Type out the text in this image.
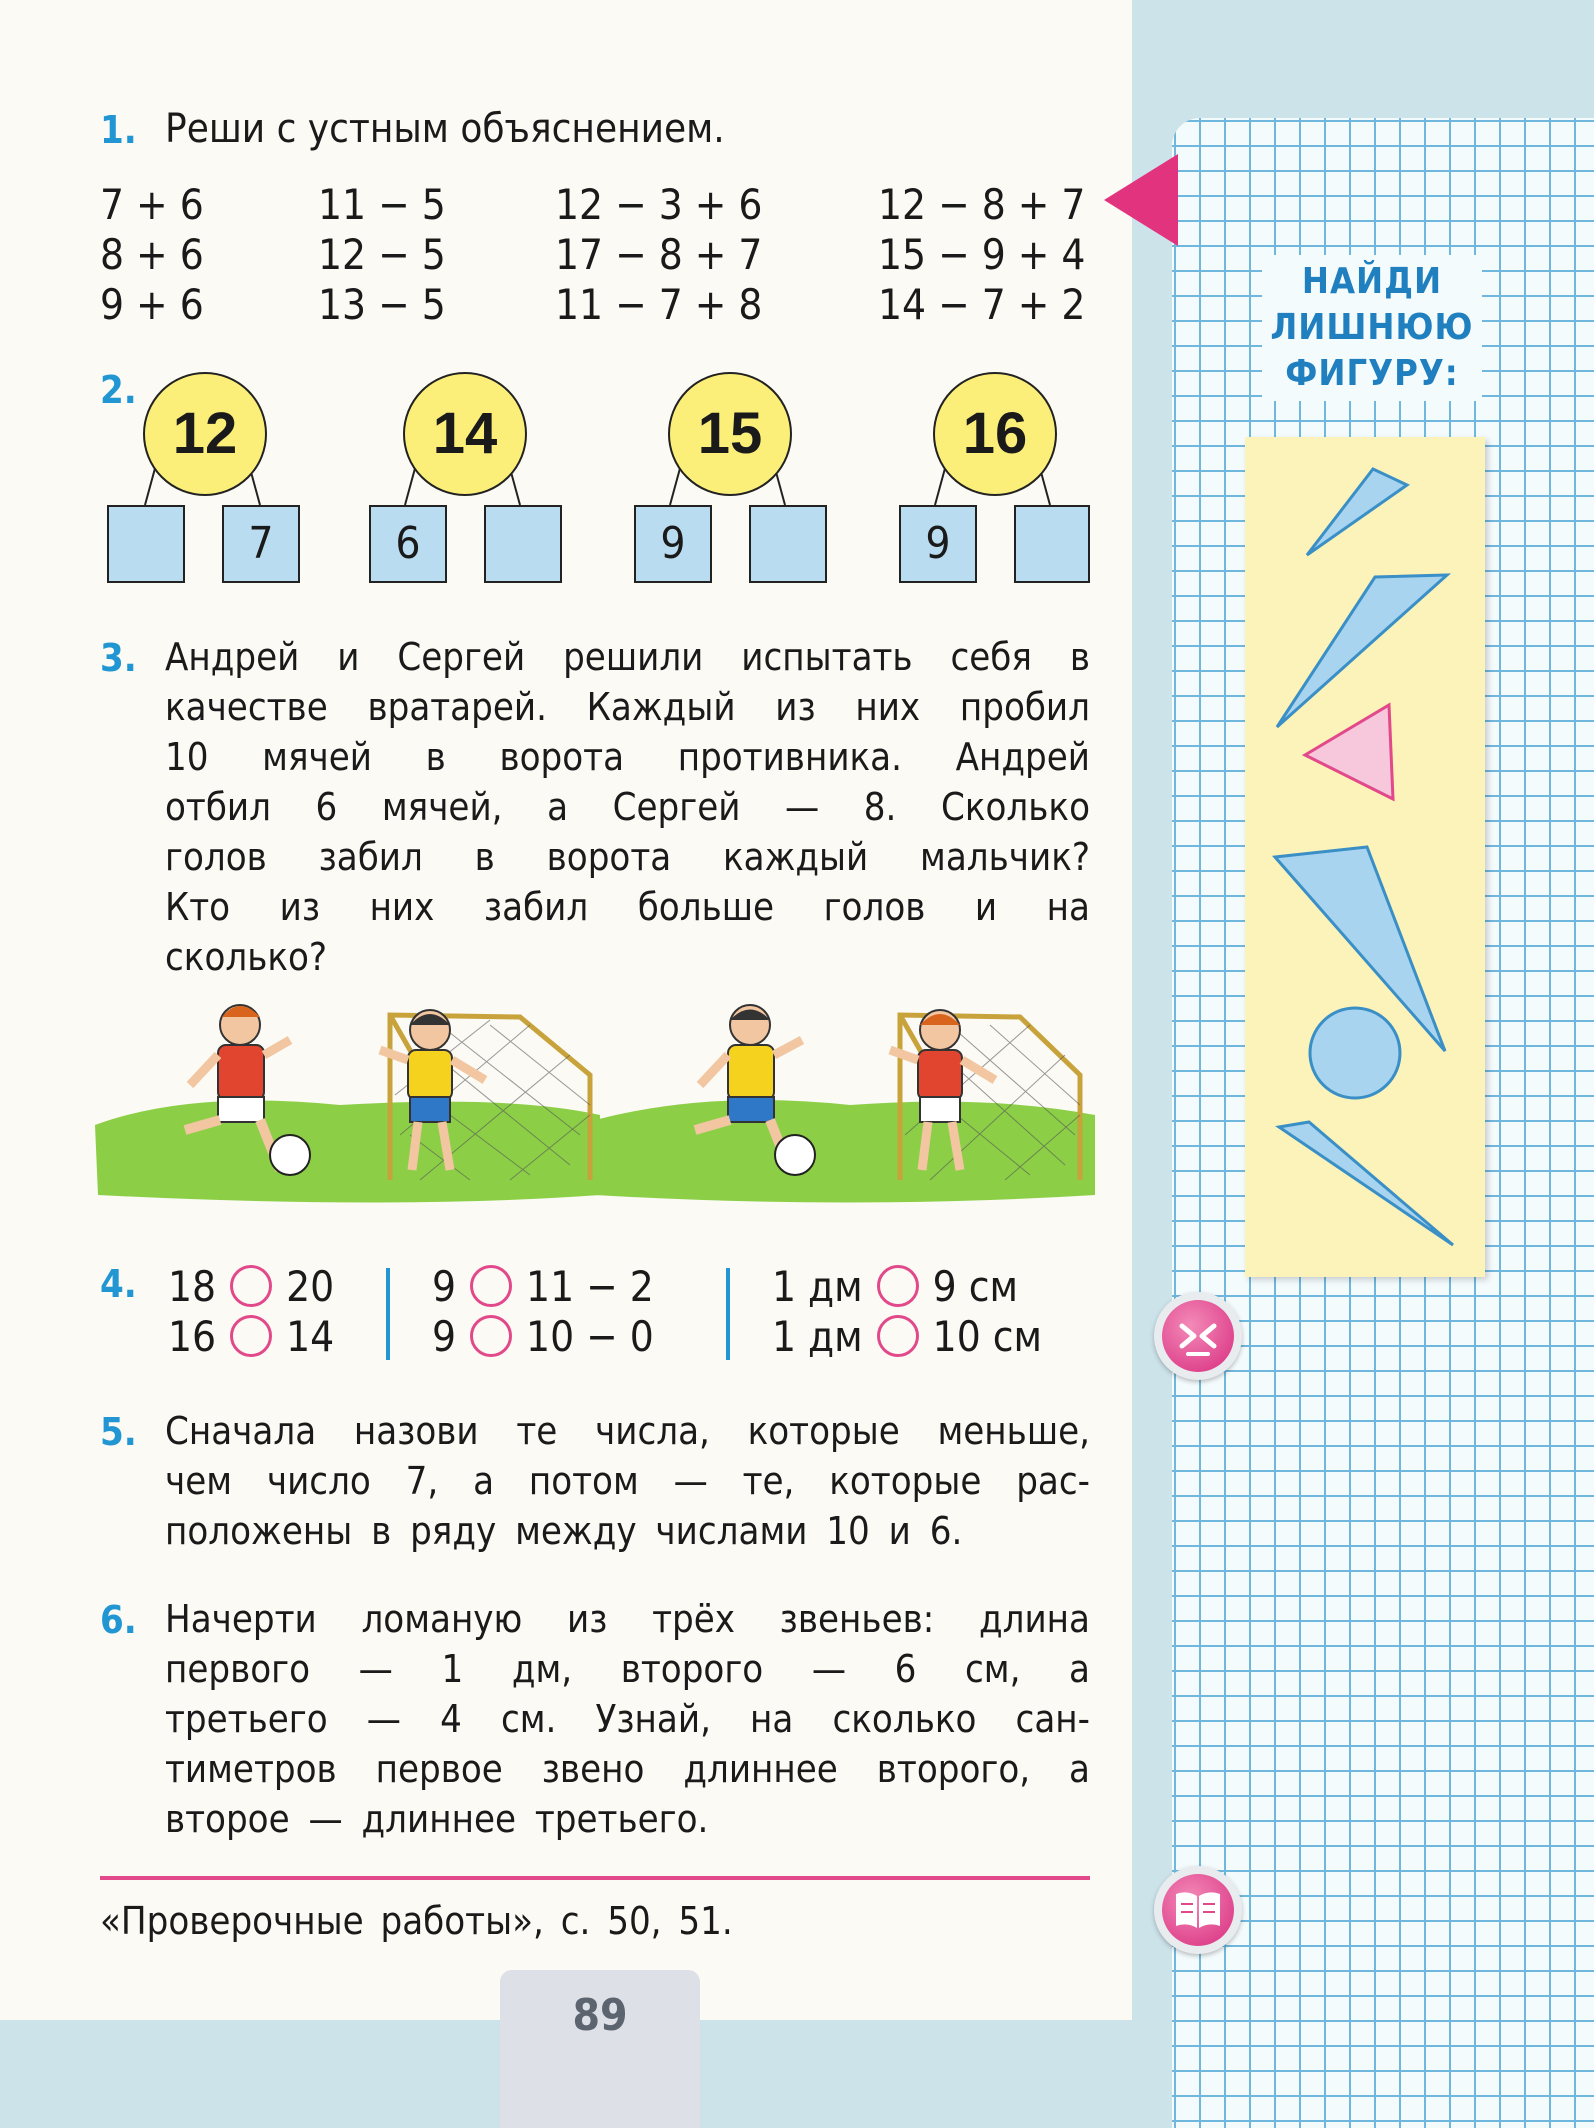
НАЙДИ
ЛИШНЮЮ
ФИГУРУ:
1. Реши с устным объяснением.
7 + 6
8 + 6
9 + 6
11 − 5
12 − 5
13 − 5
12 − 3 + 6
17 − 8 + 7
11 − 7 + 8
12 − 8 + 7
15 − 9 + 4
14 − 7 + 2
2.
12
7
14
6
15
9
16
9
3. Андрей и Сергей решили испытать себя в
качестве вратарей. Каждый из них пробил
10 мячей в ворота противника. Андрей
отбил 6 мячей, а Сергей — 8. Сколько
голов забил в ворота каждый мальчик?
Кто из них забил больше голов и на
сколько?
4. 18 20
16 14
9 11 − 2
9 10 − 0
1 дм 9 см
1 дм 10 см
5. Сначала назови те числа, которые меньше,
чем число 7, а потом — те, которые рас-
положены в ряду между числами 10 и 6.
6. Начерти ломаную из трёх звеньев: длина
первого — 1 дм, второго — 6 см, а
третьего — 4 см. Узнай, на сколько сан-
тиметров первое звено длиннее второго, а
второе — длиннее третьего.
«Проверочные работы», с. 50, 51.
89
